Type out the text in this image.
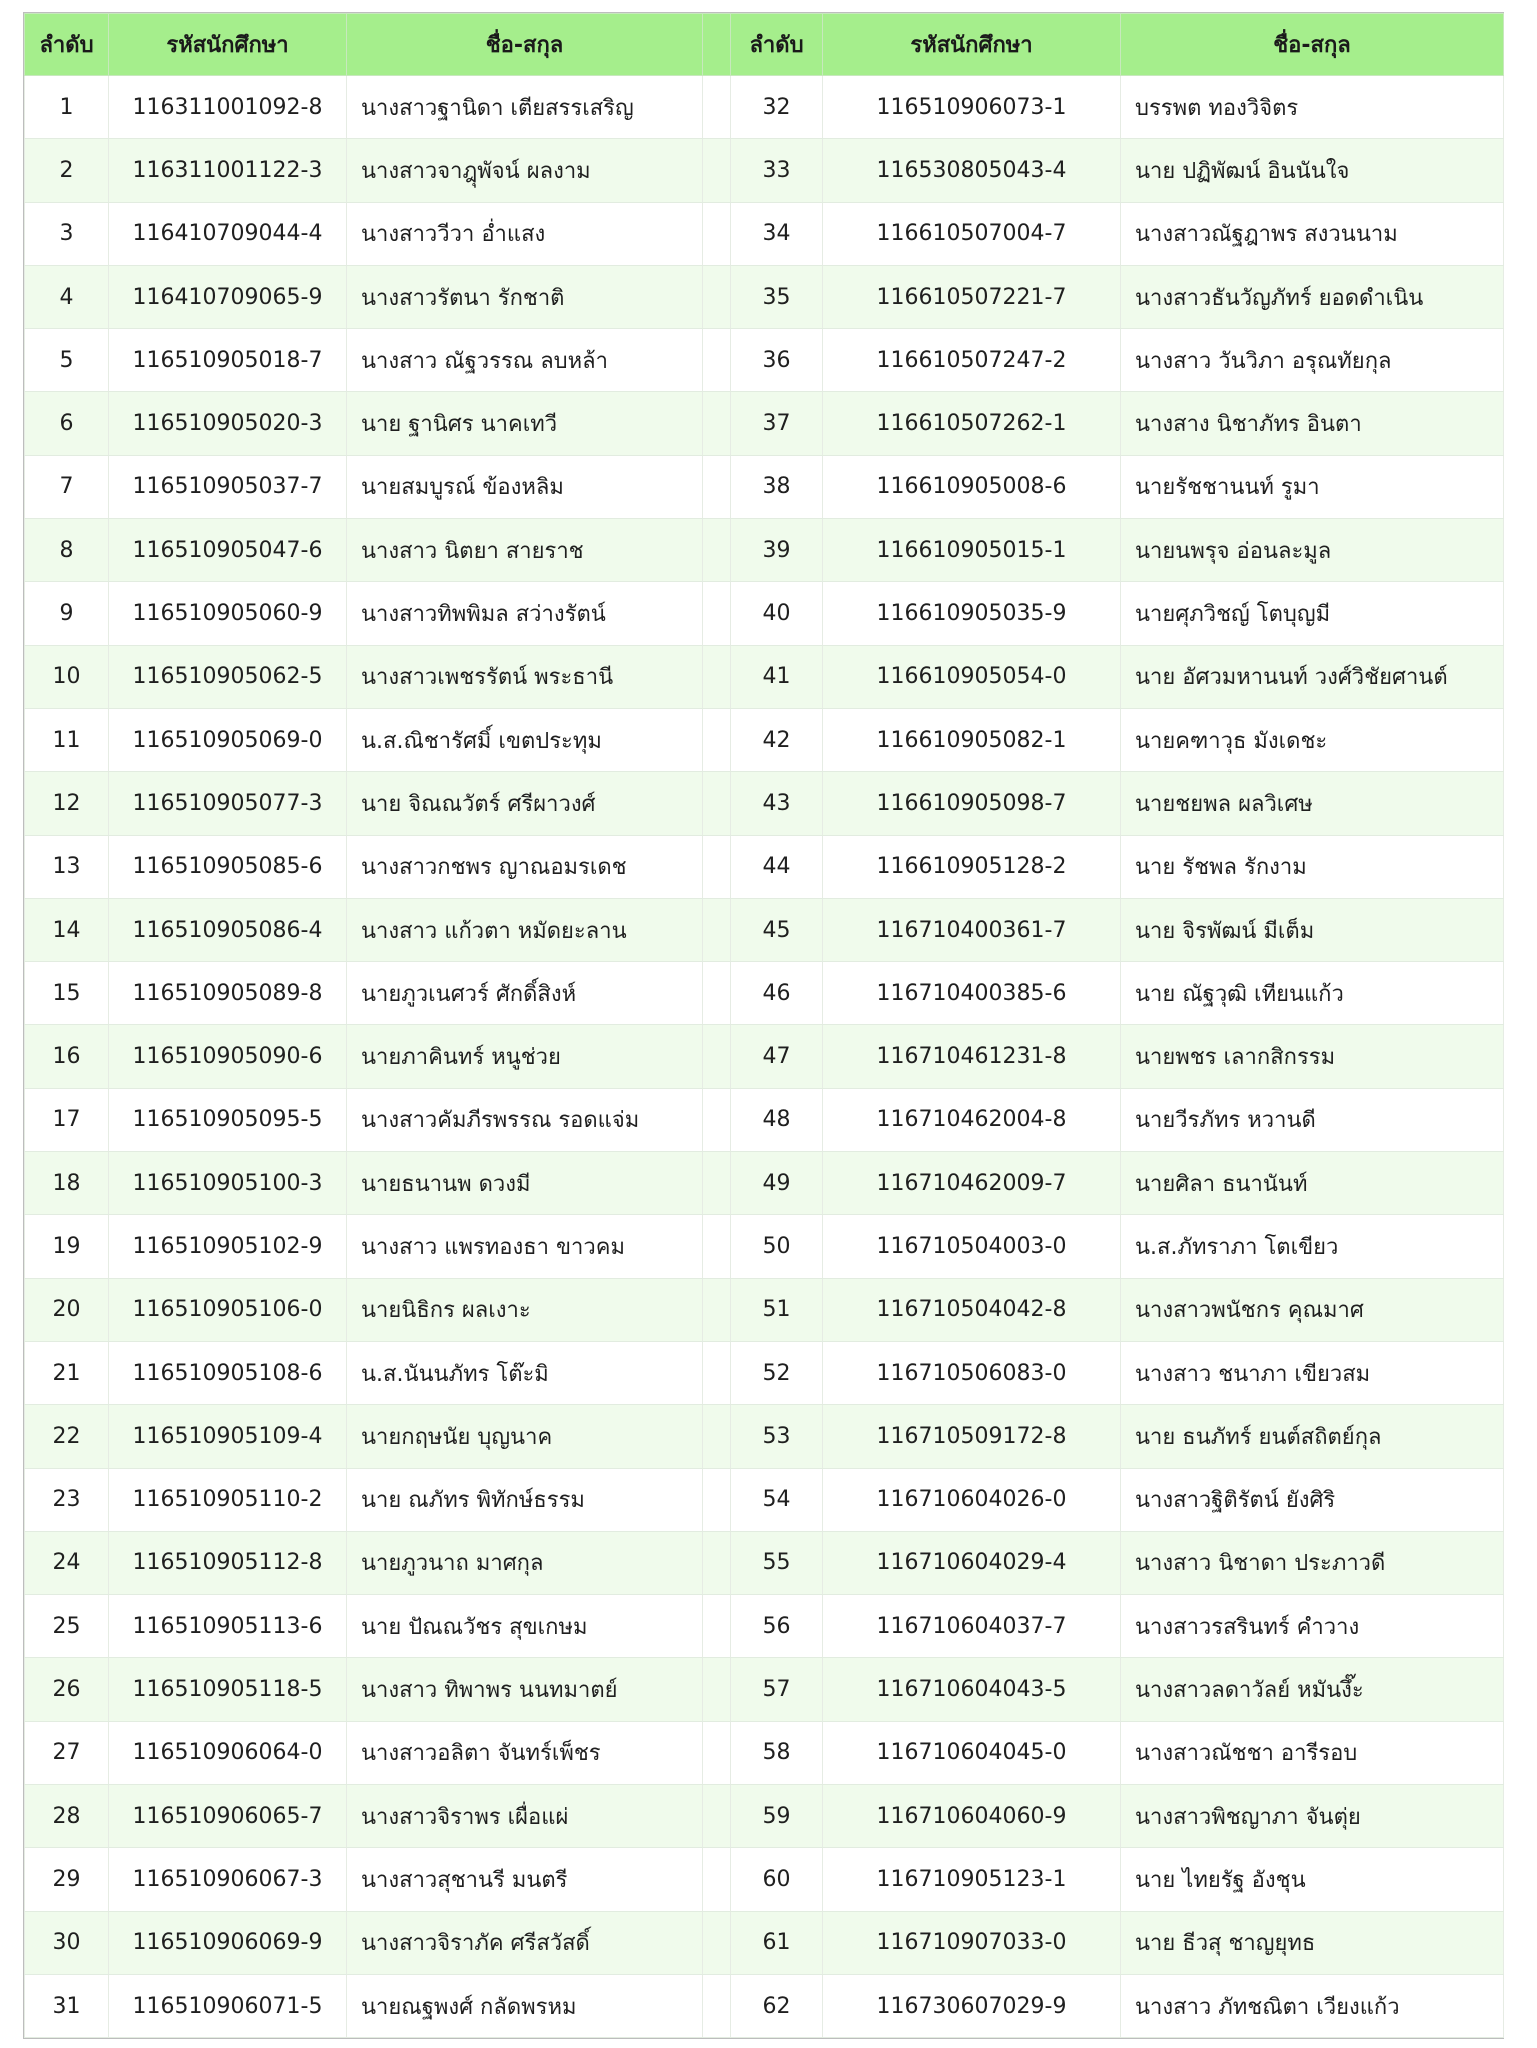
ลำดับ	รหัสนักศึกษา	ชื่อ-สกุล		ลำดับ	รหัสนักศึกษา	ชื่อ-สกุล
1	116311001092-8	นางสาวฐานิดา เตียสรรเสริญ		32	116510906073-1	บรรพต ทองวิจิตร
2	116311001122-3	นางสาวจาฎุพัจน์ ผลงาม		33	116530805043-4	นาย ปฏิพัฒน์ อินนันใจ
3	116410709044-4	นางสาววีวา อ่ำแสง		34	116610507004-7	นางสาวณัฐฎาพร สงวนนาม
4	116410709065-9	นางสาวรัตนา รักชาติ		35	116610507221-7	นางสาวธันวัญภัทร์ ยอดดำเนิน
5	116510905018-7	นางสาว ณัฐวรรณ ลบหล้า		36	116610507247-2	นางสาว วันวิภา อรุณทัยกุล
6	116510905020-3	นาย ฐานิศร นาคเทวี		37	116610507262-1	นางสาง นิชาภัทร อินตา
7	116510905037-7	นายสมบูรณ์ ข้องหลิม		38	116610905008-6	นายรัชชานนท์ รูมา
8	116510905047-6	นางสาว นิตยา สายราช		39	116610905015-1	นายนพรุจ อ่อนละมูล
9	116510905060-9	นางสาวทิพพิมล สว่างรัตน์		40	116610905035-9	นายศุภวิชญ์ โตบุญมี
10	116510905062-5	นางสาวเพชรรัตน์ พระธานี		41	116610905054-0	นาย อัศวมหานนท์ วงศ์วิชัยศานต์
11	116510905069-0	น.ส.ณิชารัศมิ์ เขตประทุม		42	116610905082-1	นายคฑาวุธ มังเดชะ
12	116510905077-3	นาย จิณณวัตร์ ศรีผาวงศ์		43	116610905098-7	นายชยพล ผลวิเศษ
13	116510905085-6	นางสาวกชพร ญาณอมรเดช		44	116610905128-2	นาย รัชพล รักงาม
14	116510905086-4	นางสาว แก้วตา หมัดยะลาน		45	116710400361-7	นาย จิรพัฒน์ มีเต็ม
15	116510905089-8	นายภูวเนศวร์ ศักดิ์สิงห์		46	116710400385-6	นาย ณัฐวุฒิ เทียนแก้ว
16	116510905090-6	นายภาคินทร์ หนูช่วย		47	116710461231-8	นายพชร เลากสิกรรม
17	116510905095-5	นางสาวคัมภีรพรรณ รอดแจ่ม		48	116710462004-8	นายวีรภัทร หวานดี
18	116510905100-3	นายธนานพ ดวงมี		49	116710462009-7	นายศิลา ธนานันท์
19	116510905102-9	นางสาว แพรทองธา ขาวคม		50	116710504003-0	น.ส.ภัทราภา โตเขียว
20	116510905106-0	นายนิธิกร ผลเงาะ		51	116710504042-8	นางสาวพนัชกร คุณมาศ
21	116510905108-6	น.ส.นันนภัทร โต๊ะมิ		52	116710506083-0	นางสาว ชนาภา เขียวสม
22	116510905109-4	นายกฤษนัย บุญนาค		53	116710509172-8	นาย ธนภัทร์ ยนต์สถิตย์กุล
23	116510905110-2	นาย ณภัทร พิทักษ์ธรรม		54	116710604026-0	นางสาวฐิติรัตน์ ยังศิริ
24	116510905112-8	นายภูวนาถ มาศกุล		55	116710604029-4	นางสาว นิชาดา ประภาวดี
25	116510905113-6	นาย ปัณณวัชร สุขเกษม		56	116710604037-7	นางสาวรสรินทร์ คำวาง
26	116510905118-5	นางสาว ทิพาพร นนทมาตย์		57	116710604043-5	นางสาวลดาวัลย์ หมันงึ๊ะ
27	116510906064-0	นางสาวอลิตา จันทร์เพ็ชร		58	116710604045-0	นางสาวณัชชา อารีรอบ
28	116510906065-7	นางสาวจิราพร เผื่อแผ่		59	116710604060-9	นางสาวพิชญาภา จันตุ่ย
29	116510906067-3	นางสาวสุชานรี มนตรี		60	116710905123-1	นาย ไทยรัฐ อังชุน
30	116510906069-9	นางสาวจิราภัค ศรีสวัสดิ์		61	116710907033-0	นาย ธีวสุ ชาญยุทธ
31	116510906071-5	นายณฐพงศ์ กลัดพรหม		62	116730607029-9	นางสาว ภัทชณิตา เวียงแก้ว
